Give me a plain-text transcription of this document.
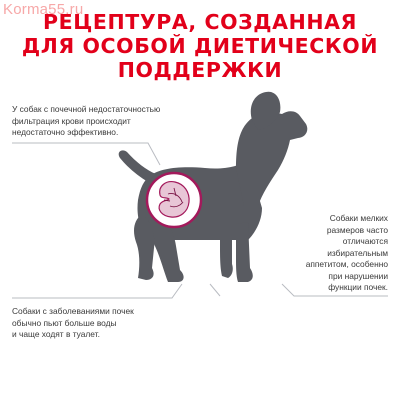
Korma55.ru
РЕЦЕПТУРА, СОЗДАННАЯ
ДЛЯ ОСОБОЙ ДИЕТИЧЕСКОЙ
ПОДДЕРЖКИ
У собак с почечной недостаточностью
фильтрация крови происходит
недостаточно эффективно.
Собаки мелких
размеров часто
отличаются
избирательным
аппетитом, особенно
при нарушении
функции почек.
Собаки с заболеваниями почек
обычно пьют больше воды
и чаще ходят в туалет.
